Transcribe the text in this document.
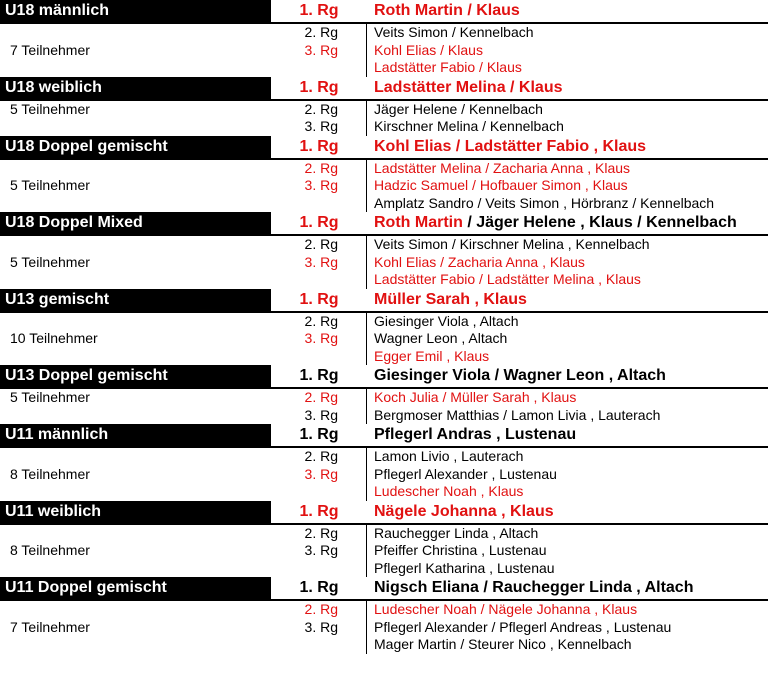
U18 männlich	1. Rg	Roth Martin / Klaus
7 Teilnehmer
2. Rg	Veits Simon / Kennelbach
3. Rg	Kohl Elias / Klaus
Ladstätter Fabio / Klaus
U18 weiblich	1. Rg	Ladstätter Melina / Klaus
5 Teilnehmer	2. Rg	Jäger Helene / Kennelbach
3. Rg	Kirschner Melina / Kennelbach
U18 Doppel gemischt	1. Rg	Kohl Elias / Ladstätter Fabio , Klaus
5 Teilnehmer
2. Rg	Ladstätter Melina / Zacharia Anna , Klaus
3. Rg	Hadzic Samuel / Hofbauer Simon , Klaus
Amplatz Sandro / Veits Simon , Hörbranz / Kennelbach
U18 Doppel Mixed	1. Rg	Roth Martin / Jäger Helene , Klaus / Kennelbach
5 Teilnehmer
2. Rg	Veits Simon / Kirschner Melina , Kennelbach
3. Rg	Kohl Elias / Zacharia Anna , Klaus
Ladstätter Fabio / Ladstätter Melina , Klaus
U13 gemischt	1. Rg	Müller Sarah , Klaus
10 Teilnehmer
2. Rg	Giesinger Viola , Altach
3. Rg	Wagner Leon , Altach
Egger Emil , Klaus
U13 Doppel gemischt	1. Rg	Giesinger Viola / Wagner Leon , Altach
5 Teilnehmer	2. Rg	Koch Julia / Müller Sarah , Klaus
3. Rg	Bergmoser Matthias / Lamon Livia , Lauterach
U11 männlich	1. Rg	Pflegerl Andras , Lustenau
8 Teilnehmer
2. Rg	Lamon Livio , Lauterach
3. Rg	Pflegerl Alexander , Lustenau
Ludescher Noah , Klaus
U11 weiblich	1. Rg	Nägele Johanna , Klaus
8 Teilnehmer
2. Rg	Rauchegger Linda , Altach
3. Rg	Pfeiffer Christina , Lustenau
Pflegerl Katharina , Lustenau
U11 Doppel gemischt	1. Rg	Nigsch Eliana / Rauchegger Linda , Altach
7 Teilnehmer
2. Rg	Ludescher Noah / Nägele Johanna , Klaus
3. Rg	Pflegerl Alexander / Pflegerl Andreas , Lustenau
Mager Martin / Steurer Nico , Kennelbach
